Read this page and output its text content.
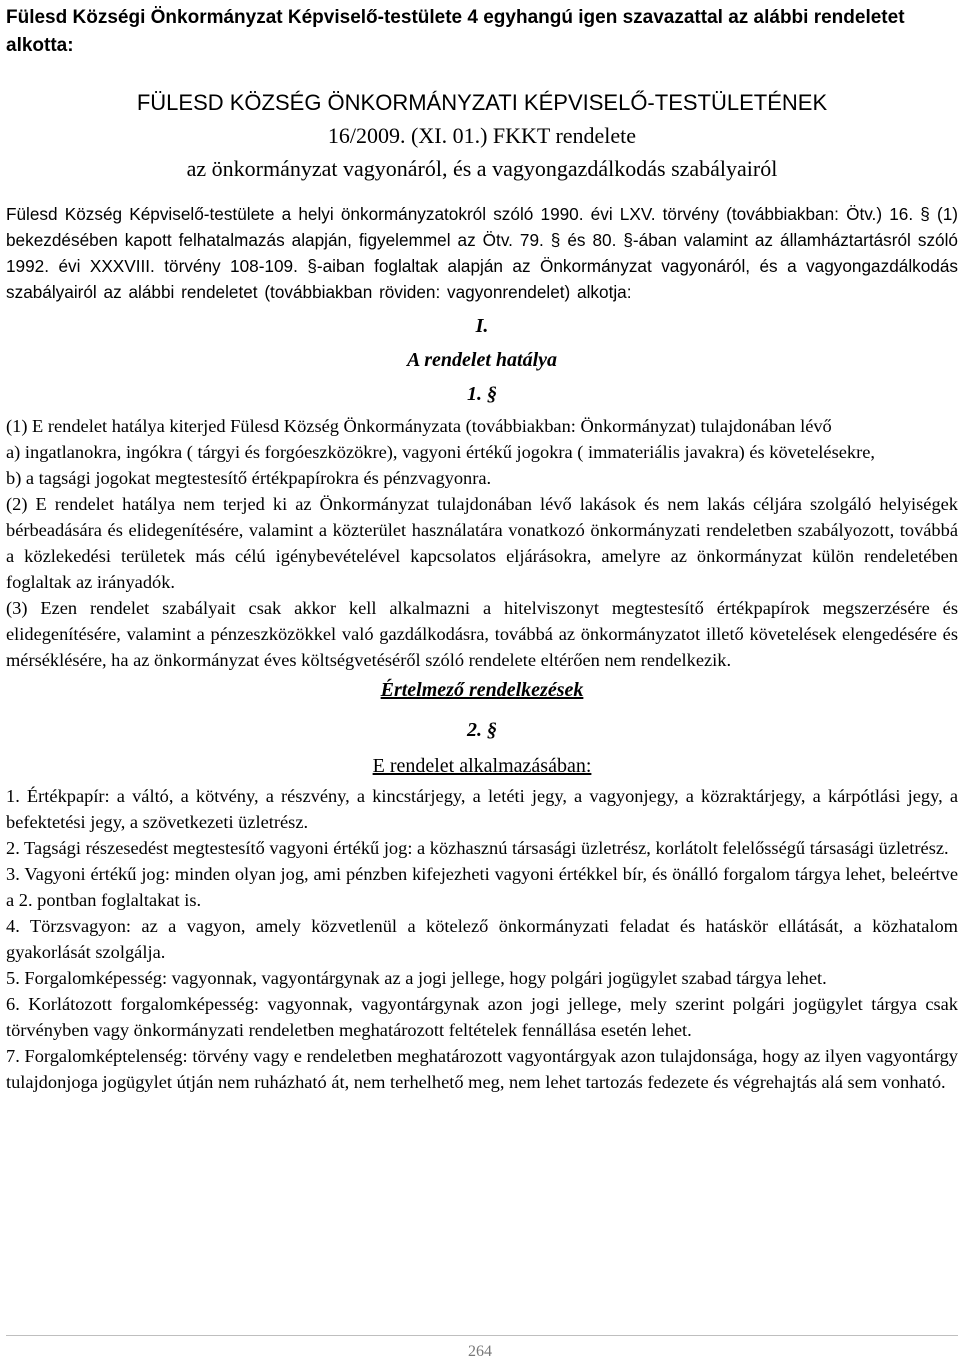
Fülesd Községi Önkormányzat Képviselő-testülete 4 egyhangú igen szavazattal az alábbi rendeletet alkotta:
FÜLESD KÖZSÉG ÖNKORMÁNYZATI KÉPVISELŐ-TESTÜLETÉNEK
16/2009. (XI. 01.) FKKT rendelete
az önkormányzat vagyonáról, és a vagyongazdálkodás szabályairól

Fülesd Község Képviselő-testülete a helyi önkormányzatokról szóló 1990. évi LXV. törvény (továbbiakban: Ötv.) 16. § (1) bekezdésében kapott felhatalmazás alapján, figyelemmel az Ötv. 79. § és 80. §-ában valamint az államháztartásról szóló 1992. évi XXXVIII. törvény 108-109. §-aiban foglaltak alapján az Önkormányzat vagyonáról, és a vagyongazdálkodás szabályairól az alábbi rendeletet (továbbiakban röviden: vagyonrendelet) alkotja:

I.
A rendelet hatálya
1. §

(1) E rendelet hatálya kiterjed Fülesd Község Önkormányzata (továbbiakban: Önkormányzat) tulajdonában lévő

a) ingatlanokra, ingókra ( tárgyi és forgóeszközökre), vagyoni értékű jogokra ( immateriális javakra) és követelésekre,

b) a tagsági jogokat megtestesítő értékpapírokra és pénzvagyonra.

(2) E rendelet hatálya nem terjed ki az Önkormányzat tulajdonában lévő lakások és nem lakás céljára szolgáló helyiségek bérbeadására és elidegenítésére, valamint a közterület használatára vonatkozó önkormányzati rendeletben szabályozott, továbbá a közlekedési területek más célú igénybevételével kapcsolatos eljárásokra, amelyre az önkormányzat külön rendeletében foglaltak az irányadók.

(3) Ezen rendelet szabályait csak akkor kell alkalmazni a hitelviszonyt megtestesítő értékpapírok megszerzésére és elidegenítésére, valamint a pénzeszközökkel való gazdálkodásra, továbbá az önkormányzatot illető követelések elengedésére és mérséklésére, ha az önkormányzat éves költségvetéséről szóló rendelete eltérően nem rendelkezik.

Értelmező rendelkezések
2. §
E rendelet alkalmazásában:

1. Értékpapír: a váltó, a kötvény, a részvény, a kincstárjegy, a letéti jegy, a vagyonjegy, a közraktárjegy, a kárpótlási jegy, a befektetési jegy, a szövetkezeti üzletrész.

2. Tagsági részesedést megtestesítő vagyoni értékű jog: a közhasznú társasági üzletrész, korlátolt felelősségű társasági üzletrész.

3. Vagyoni értékű jog: minden olyan jog, ami pénzben kifejezheti vagyoni értékkel bír, és önálló forgalom tárgya lehet, beleértve a 2. pontban foglaltakat is.

4. Törzsvagyon: az a vagyon, amely közvetlenül a kötelező önkormányzati feladat és hatáskör ellátását, a közhatalom gyakorlását szolgálja.

5. Forgalomképesség: vagyonnak, vagyontárgynak az a jogi jellege, hogy polgári jogügylet szabad tárgya lehet.

6. Korlátozott forgalomképesség: vagyonnak, vagyontárgynak azon jogi jellege, mely szerint polgári jogügylet tárgya csak törvényben vagy önkormányzati rendeletben meghatározott feltételek fennállása esetén lehet.

7. Forgalomképtelenség: törvény vagy e rendeletben meghatározott vagyontárgyak azon tulajdonsága, hogy az ilyen vagyontárgy tulajdonjoga jogügylet útján nem ruházható át, nem terhelhető meg, nem lehet tartozás fedezete és végrehajtás alá sem vonható.

264
